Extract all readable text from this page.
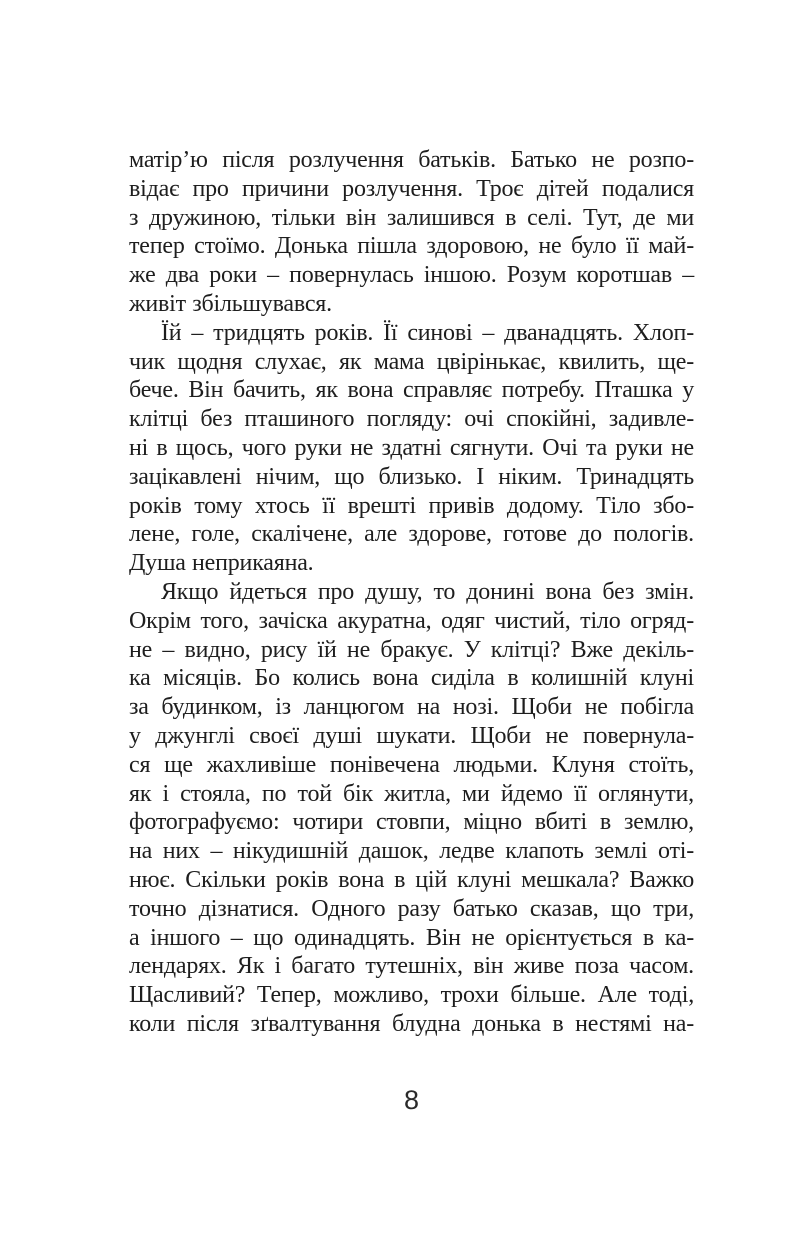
матір’ю після розлучення батьків. Батько не розпо-
відає про причини розлучення. Троє дітей подалися
з дружиною, тільки він залишився в селі. Тут, де ми
тепер стоїмо. Донька пішла здоровою, не було її май-
же два роки – повернулась іншою. Розум коротшав –
живіт збільшувався.
Їй – тридцять років. Її синові – дванадцять. Хлоп-
чик щодня слухає, як мама цвірінькає, квилить, ще-
бече. Він бачить, як вона справляє потребу. Пташка у
клітці без пташиного погляду: очі спокійні, задивле-
ні в щось, чого руки не здатні сягнути. Очі та руки не
зацікавлені нічим, що близько. І ніким. Тринадцять
років тому хтось її врешті привів додому. Тіло збо-
лене, голе, скалічене, але здорове, готове до пологів.
Душа неприкаяна.
Якщо йдеться про душу, то донині вона без змін.
Окрім того, зачіска акуратна, одяг чистий, тіло огряд-
не – видно, рису їй не бракує. У клітці? Вже декіль-
ка місяців. Бо колись вона сиділа в колишній клуні
за будинком, із ланцюгом на нозі. Щоби не побігла
у джунглі своєї душі шукати. Щоби не повернула-
ся ще жахливіше понівечена людьми. Клуня стоїть,
як і стояла, по той бік житла, ми йдемо її оглянути,
фотографуємо: чотири стовпи, міцно вбиті в землю,
на них – нікудишній дашок, ледве клапоть землі оті-
нює. Скільки років вона в цій клуні мешкала? Важко
точно дізнатися. Одного разу батько сказав, що три,
а іншого – що одинадцять. Він не орієнтується в ка-
лендарях. Як і багато тутешніх, він живе поза часом.
Щасливий? Тепер, можливо, трохи більше. Але тоді,
коли після зґвалтування блудна донька в нестямі на-
8
